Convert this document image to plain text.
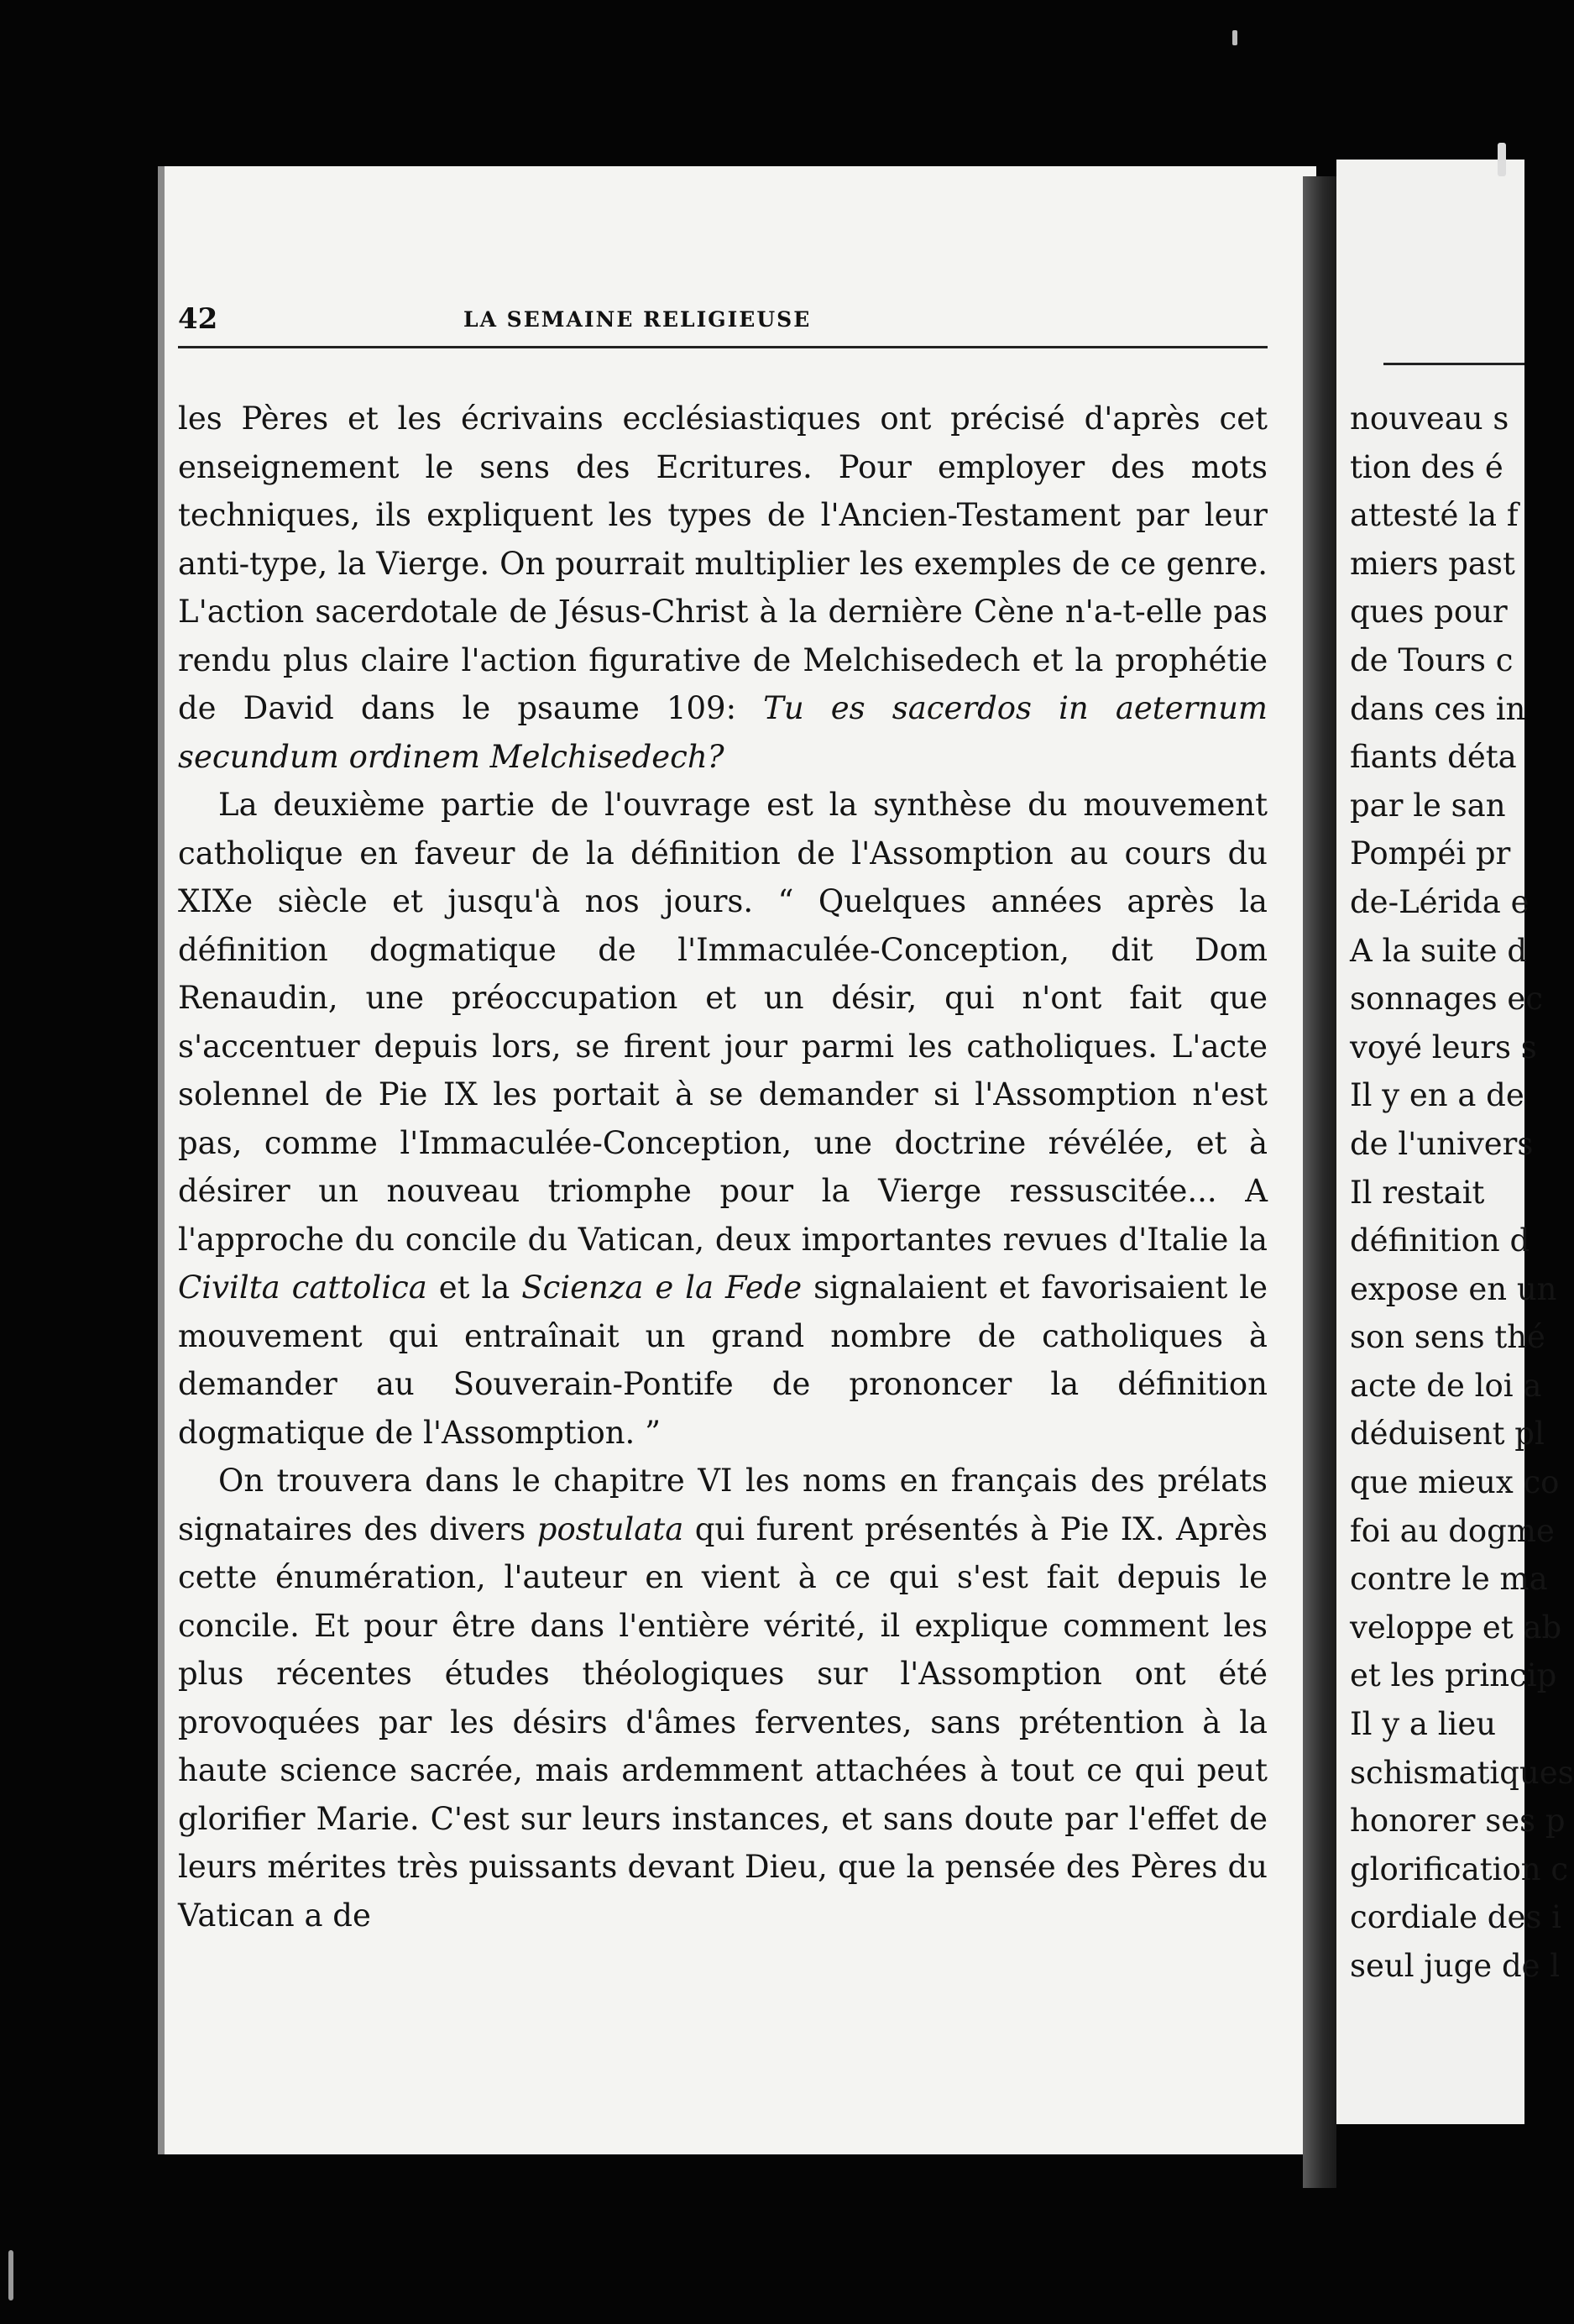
42	LA SEMAINE RELIGIEUSE

les Pères et les écrivains ecclésiastiques ont précisé d'après cet enseignement le sens des Ecritures. Pour employer des mots techniques, ils expliquent les types de l'Ancien-Testament par leur anti-type, la Vierge. On pourrait multiplier les exemples de ce genre. L'action sacerdotale de Jésus-Christ à la dernière Cène n'a-t-elle pas rendu plus claire l'action figurative de Melchisedech et la prophétie de David dans le psaume 109: Tu es sacerdos in aeternum secundum ordinem Melchisedech?

La deuxième partie de l'ouvrage est la synthèse du mouvement catholique en faveur de la définition de l'Assomption au cours du XIXe siècle et jusqu'à nos jours. “ Quelques années après la définition dogmatique de l'Immaculée-Conception, dit Dom Renaudin, une préoccupation et un désir, qui n'ont fait que s'accentuer depuis lors, se firent jour parmi les catholiques. L'acte solennel de Pie IX les portait à se demander si l'Assomption n'est pas, comme l'Immaculée-Conception, une doctrine révélée, et à désirer un nouveau triomphe pour la Vierge ressuscitée... A l'approche du concile du Vatican, deux importantes revues d'Italie la Civilta cattolica et la Scienza e la Fede signalaient et favorisaient le mouvement qui entraînait un grand nombre de catholiques à demander au Souverain-Pontife de prononcer la définition dogmatique de l'Assomption. ”

On trouvera dans le chapitre VI les noms en français des prélats signataires des divers postulata qui furent présentés à Pie IX. Après cette énumération, l'auteur en vient à ce qui s'est fait depuis le concile. Et pour être dans l'entière vérité, il explique comment les plus récentes études théologiques sur l'Assomption ont été provoquées par les désirs d'âmes ferventes, sans prétention à la haute science sacrée, mais ardemment attachées à tout ce qui peut glorifier Marie. C'est sur leurs instances, et sans doute par l'effet de leurs mérites très puissants devant Dieu, que la pensée des Pères du Vatican a de

nouveau s
tion des é
attesté la f
miers past
ques pour
de Tours c
dans ces in
fiants déta
par le san
Pompéi pr
de-Lérida e
A la suite d
sonnages ec
voyé leurs s
Il y en a de
de l'univers
Il restait
définition d
expose en un
son sens thé
acte de loi a
déduisent pl
que mieux co
foi au dogme
contre le ma
veloppe et ab
et les princip
Il y a lieu
schismatiques
honorer ses p
glorification c
cordiale des i
seul juge de l
